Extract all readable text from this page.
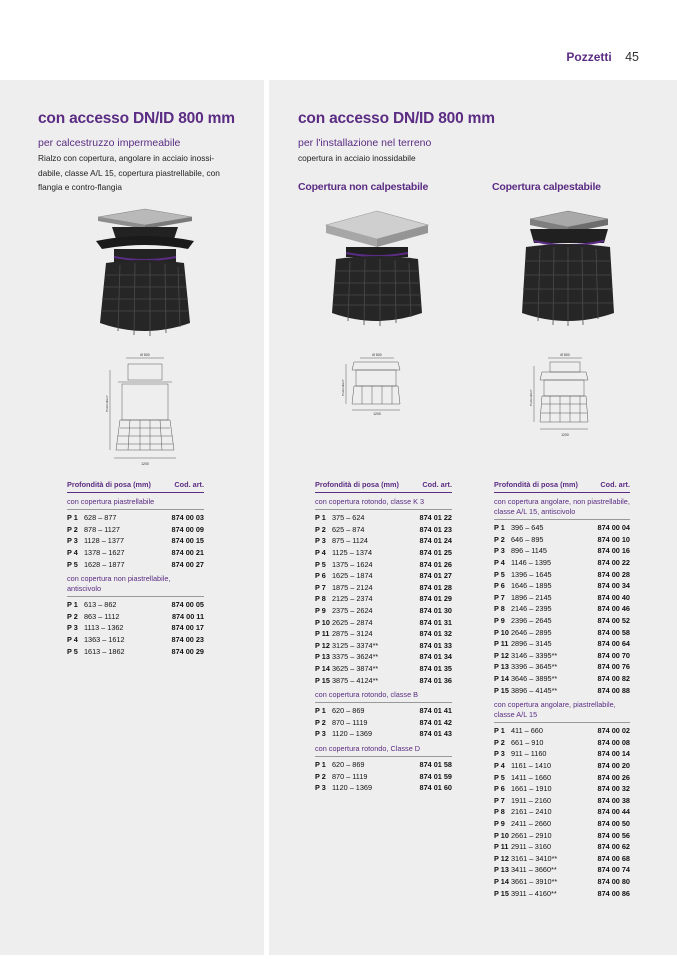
Pozzetti 45
con accesso DN/ID 800 mm
per calcestruzzo impermeabile
Rialzo con copertura, angolare in acciaio inossi-
dabile, classe A/L 15, copertura piastrellabile, con
flangia e contro-flangia
con accesso DN/ID 800 mm
per l'installazione nel terreno
copertura in acciaio inossidabile
Copertura non calpestabile	Copertura calpestabile
Ø 800
1200
Profondità P
Ø 800
1200
Profondità P
Ø 800
1200
Profondità P
Profondità di posa (mm)	Cod. art.
con copertura piastrellabile
P 1 628 – 877	874 00 03
P 2 878 – 1127	874 00 09
P 3 1128 – 1377	874 00 15
P 4 1378 – 1627	874 00 21
P 5 1628 – 1877	874 00 27
con copertura non piastrellabile, antiscivolo
P 1 613 – 862	874 00 05
P 2 863 – 1112	874 00 11
P 3 1113 – 1362	874 00 17
P 4 1363 – 1612	874 00 23
P 5 1613 – 1862	874 00 29
Profondità di posa (mm)	Cod. art.
con copertura rotondo, classe K 3
P 1 375 – 624	874 01 22
P 2 625 – 874	874 01 23
P 3 875 – 1124	874 01 24
P 4 1125 – 1374	874 01 25
P 5 1375 – 1624	874 01 26
P 6 1625 – 1874	874 01 27
P 7 1875 – 2124	874 01 28
P 8 2125 – 2374	874 01 29
P 9 2375 – 2624	874 01 30
P 10 2625 – 2874	874 01 31
P 11 2875 – 3124	874 01 32
P 12 3125 – 3374**	874 01 33
P 13 3375 – 3624**	874 01 34
P 14 3625 – 3874**	874 01 35
P 15 3875 – 4124**	874 01 36
con copertura rotondo, classe B
P 1 620 – 869	874 01 41
P 2 870 – 1119	874 01 42
P 3 1120 – 1369	874 01 43
con copertura rotondo, Classe D
P 1 620 – 869	874 01 58
P 2 870 – 1119	874 01 59
P 3 1120 – 1369	874 01 60
Profondità di posa (mm)	Cod. art.
con copertura angolare, non piastrellabile, classe A/L 15, antiscivolo
P 1 396 – 645	874 00 04
P 2 646 – 895	874 00 10
P 3 896 – 1145	874 00 16
P 4 1146 – 1395	874 00 22
P 5 1396 – 1645	874 00 28
P 6 1646 – 1895	874 00 34
P 7 1896 – 2145	874 00 40
P 8 2146 – 2395	874 00 46
P 9 2396 – 2645	874 00 52
P 10 2646 – 2895	874 00 58
P 11 2896 – 3145	874 00 64
P 12 3146 – 3395**	874 00 70
P 13 3396 – 3645**	874 00 76
P 14 3646 – 3895**	874 00 82
P 15 3896 – 4145**	874 00 88
con copertura angolare, piastrellabile, classe A/L 15
P 1 411 – 660	874 00 02
P 2 661 – 910	874 00 08
P 3 911 – 1160	874 00 14
P 4 1161 – 1410	874 00 20
P 5 1411 – 1660	874 00 26
P 6 1661 – 1910	874 00 32
P 7 1911 – 2160	874 00 38
P 8 2161 – 2410	874 00 44
P 9 2411 – 2660	874 00 50
P 10 2661 – 2910	874 00 56
P 11 2911 – 3160	874 00 62
P 12 3161 – 3410**	874 00 68
P 13 3411 – 3660**	874 00 74
P 14 3661 – 3910**	874 00 80
P 15 3911 – 4160**	874 00 86
